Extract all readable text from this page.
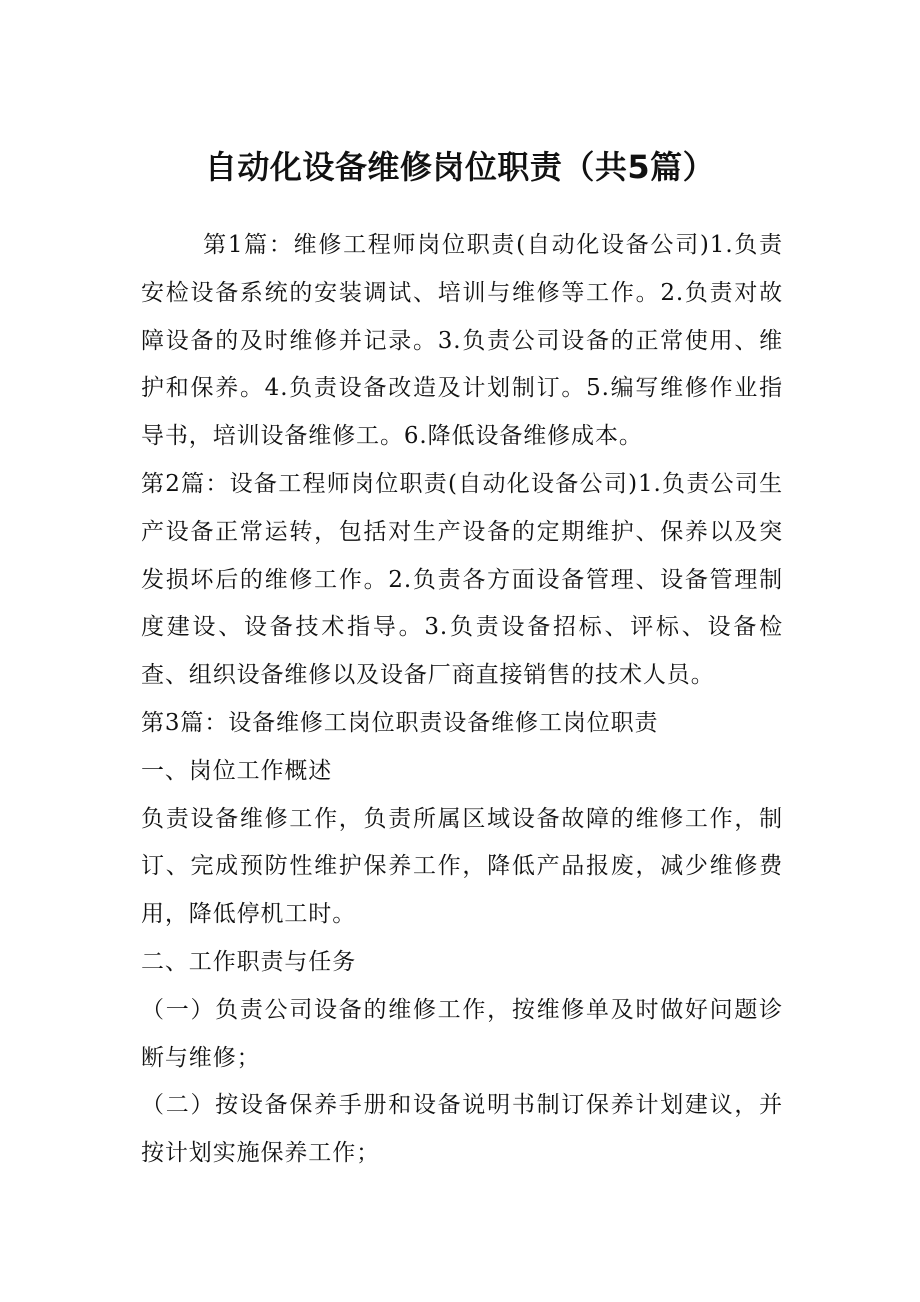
自动化设备维修岗位职责（共5篇）

第1篇：维修工程师岗位职责(自动化设备公司)1.负责安检设备系统的安装调试、培训与维修等工作。2.负责对故障设备的及时维修并记录。3.负责公司设备的正常使用、维护和保养。4.负责设备改造及计划制订。5.编写维修作业指导书，培训设备维修工。6.降低设备维修成本。

第2篇：设备工程师岗位职责(自动化设备公司)1.负责公司生产设备正常运转，包括对生产设备的定期维护、保养以及突发损坏后的维修工作。2.负责各方面设备管理、设备管理制度建设、设备技术指导。3.负责设备招标、评标、设备检查、组织设备维修以及设备厂商直接销售的技术人员。

第3篇：设备维修工岗位职责设备维修工岗位职责

一、岗位工作概述

负责设备维修工作，负责所属区域设备故障的维修工作，制订、完成预防性维护保养工作，降低产品报废，减少维修费用，降低停机工时。

二、工作职责与任务

（一）负责公司设备的维修工作，按维修单及时做好问题诊断与维修；

（二）按设备保养手册和设备说明书制订保养计划建议，并按计划实施保养工作；
